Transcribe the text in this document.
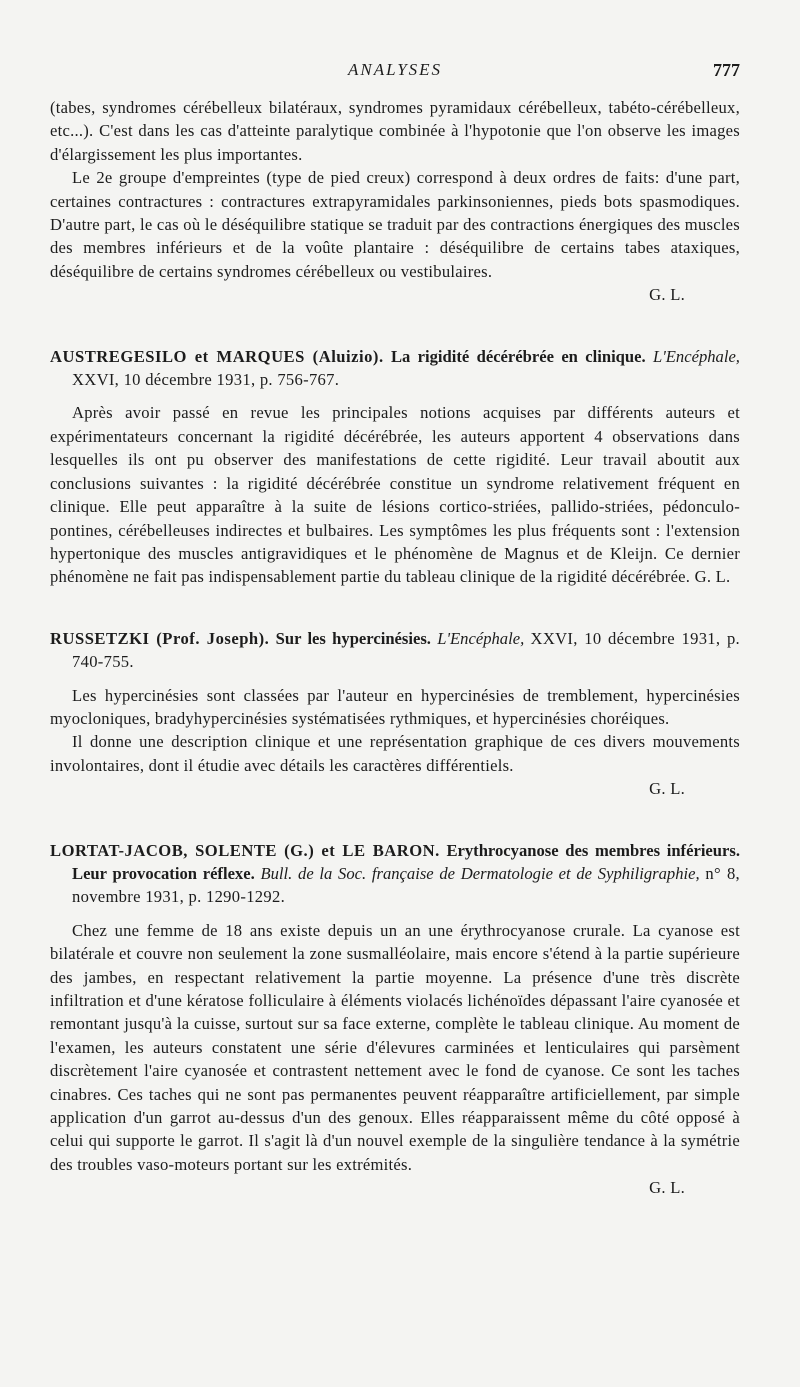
ANALYSES	777

(tabes, syndromes cérébelleux bilatéraux, syndromes pyramidaux cérébelleux, tabéto-cérébelleux, etc...). C'est dans les cas d'atteinte paralytique combinée à l'hypotonie que l'on observe les images d'élargissement les plus importantes.

Le 2e groupe d'empreintes (type de pied creux) correspond à deux ordres de faits: d'une part, certaines contractures : contractures extrapyramidales parkinsoniennes, pieds bots spasmodiques. D'autre part, le cas où le déséquilibre statique se traduit par des contractions énergiques des muscles des membres inférieurs et de la voûte plantaire : déséquilibre de certains tabes ataxiques, déséquilibre de certains syndromes cérébelleux ou vestibulaires.

G. L.

AUSTREGESILO et MARQUES (Aluizio). La rigidité décérébrée en clinique. L'Encéphale, XXVI, 10 décembre 1931, p. 756-767.

Après avoir passé en revue les principales notions acquises par différents auteurs et expérimentateurs concernant la rigidité décérébrée, les auteurs apportent 4 observations dans lesquelles ils ont pu observer des manifestations de cette rigidité. Leur travail aboutit aux conclusions suivantes : la rigidité décérébrée constitue un syndrome relativement fréquent en clinique. Elle peut apparaître à la suite de lésions cortico-striées, pallido-striées, pédonculo-pontines, cérébelleuses indirectes et bulbaires. Les symptômes les plus fréquents sont : l'extension hypertonique des muscles antigravidiques et le phénomène de Magnus et de Kleijn. Ce dernier phénomène ne fait pas indispensablement partie du tableau clinique de la rigidité décérébrée. G. L.

RUSSETZKI (Prof. Joseph). Sur les hypercinésies. L'Encéphale, XXVI, 10 décembre 1931, p. 740-755.

Les hypercinésies sont classées par l'auteur en hypercinésies de tremblement, hypercinésies myocloniques, bradyhypercinésies systématisées rythmiques, et hypercinésies choréiques.

Il donne une description clinique et une représentation graphique de ces divers mouvements involontaires, dont il étudie avec détails les caractères différentiels.

G. L.

LORTAT-JACOB, SOLENTE (G.) et LE BARON. Erythrocyanose des membres inférieurs. Leur provocation réflexe. Bull. de la Soc. française de Dermatologie et de Syphiligraphie, n° 8, novembre 1931, p. 1290-1292.

Chez une femme de 18 ans existe depuis un an une érythrocyanose crurale. La cyanose est bilatérale et couvre non seulement la zone susmalléolaire, mais encore s'étend à la partie supérieure des jambes, en respectant relativement la partie moyenne. La présence d'une très discrète infiltration et d'une kératose folliculaire à éléments violacés lichénoïdes dépassant l'aire cyanosée et remontant jusqu'à la cuisse, surtout sur sa face externe, complète le tableau clinique. Au moment de l'examen, les auteurs constatent une série d'élevures carminées et lenticulaires qui parsèment discrètement l'aire cyanosée et contrastent nettement avec le fond de cyanose. Ce sont les taches cinabres. Ces taches qui ne sont pas permanentes peuvent réapparaître artificiellement, par simple application d'un garrot au-dessus d'un des genoux. Elles réapparaissent même du côté opposé à celui qui supporte le garrot. Il s'agit là d'un nouvel exemple de la singulière tendance à la symétrie des troubles vaso-moteurs portant sur les extrémités.

G. L.
